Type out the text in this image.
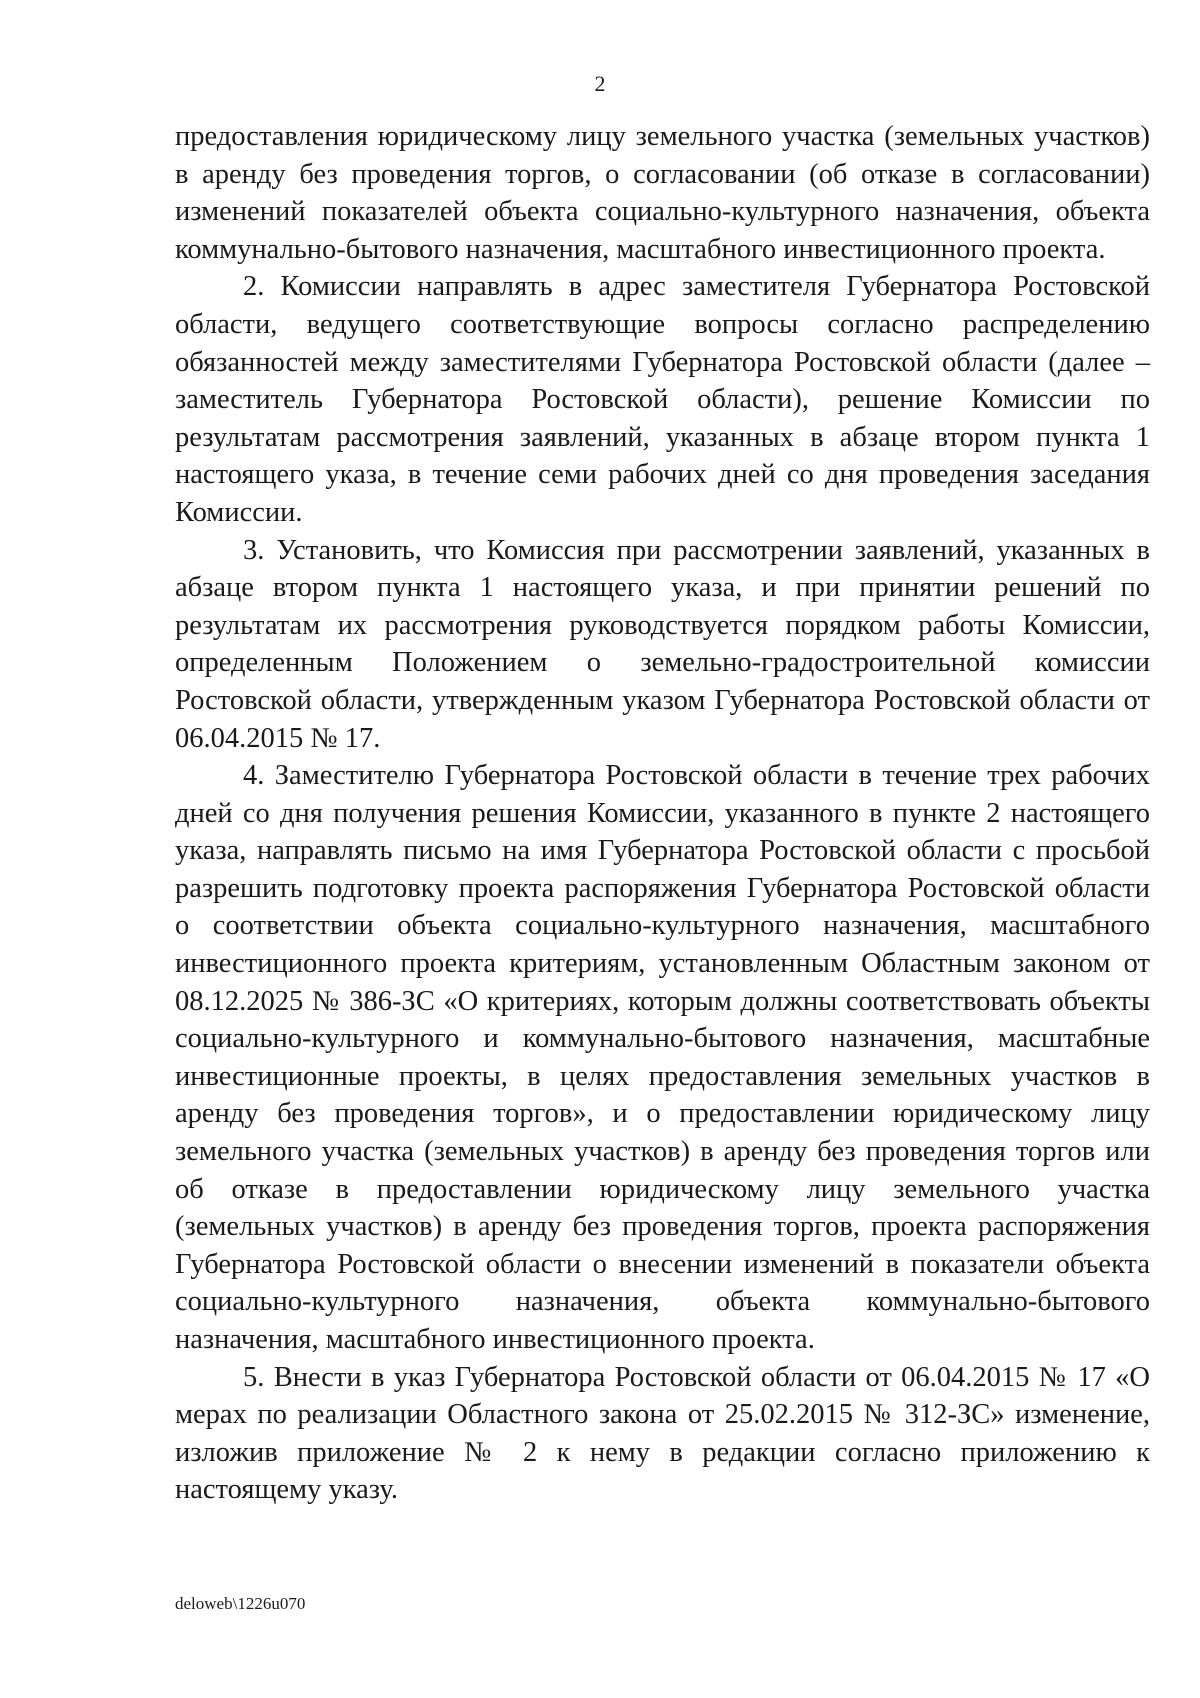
2

предоставления юридическому лицу земельного участка (земельных участков) в аренду без проведения торгов, о согласовании (об отказе в согласовании) изменений показателей объекта социально-культурного назначения, объекта коммунально-бытового назначения, масштабного инвестиционного проекта.

2. Комиссии направлять в адрес заместителя Губернатора Ростовской области, ведущего соответствующие вопросы согласно распределению обязанностей между заместителями Губернатора Ростовской области (далее – заместитель Губернатора Ростовской области), решение Комиссии по результатам рассмотрения заявлений, указанных в абзаце втором пункта 1 настоящего указа, в течение семи рабочих дней со дня проведения заседания Комиссии.

3. Установить, что Комиссия при рассмотрении заявлений, указанных в абзаце втором пункта 1 настоящего указа, и при принятии решений по результатам их рассмотрения руководствуется порядком работы Комиссии, определенным Положением о земельно-градостроительной комиссии Ростовской области, утвержденным указом Губернатора Ростовской области от 06.04.2015 № 17.

4. Заместителю Губернатора Ростовской области в течение трех рабочих дней со дня получения решения Комиссии, указанного в пункте 2 настоящего указа, направлять письмо на имя Губернатора Ростовской области с просьбой разрешить подготовку проекта распоряжения Губернатора Ростовской области о соответствии объекта социально-культурного назначения, масштабного инвестиционного проекта критериям, установленным Областным законом от 08.12.2025 № 386-ЗС «О критериях, которым должны соответствовать объекты социально-культурного и коммунально-бытового назначения, масштабные инвестиционные проекты, в целях предоставления земельных участков в аренду без проведения торгов», и о предоставлении юридическому лицу земельного участка (земельных участков) в аренду без проведения торгов или об отказе в предоставлении юридическому лицу земельного участка (земельных участков) в аренду без проведения торгов, проекта распоряжения Губернатора Ростовской области о внесении изменений в показатели объекта социально-культурного назначения, объекта коммунально-бытового назначения, масштабного инвестиционного проекта.

5. Внести в указ Губернатора Ростовской области от 06.04.2015 № 17 «О мерах по реализации Областного закона от 25.02.2015 № 312-ЗС» изменение, изложив приложение № 2 к нему в редакции согласно приложению к настоящему указу.

deloweb\1226u070
